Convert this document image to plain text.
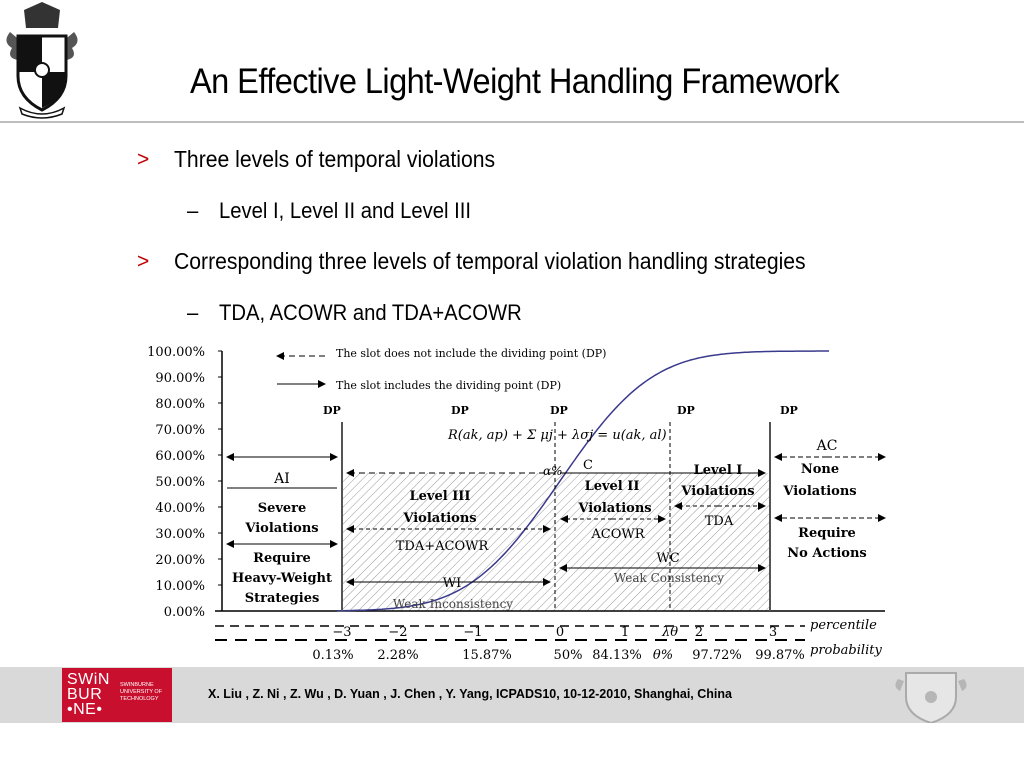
An Effective Light-Weight Handling Framework
> Three levels of temporal violations
– Level I, Level II and Level III
> Corresponding three levels of temporal violation handling strategies
– TDA, ACOWR and TDA+ACOWR
100.00%
90.00%
80.00%
70.00%
60.00%
50.00%
40.00%
30.00%
20.00%
10.00%
0.00%
percentile
probability
−3	−2	−1	0	1	λθ 2	3
0.13% 2.28%	15.87%	50% 84.13% θ% 97.72% 99.87%
DP	DP	DP	DP	DP
The slot does not include the dividing point (DP)
The slot includes the dividing point (DP)
R(ak, ap) + Σ μj + λσj = u(ak, al)
α%
AI
Severe
Violations
Require
Heavy-Weight
Strategies
Level III
Violations
TDA+ACOWR
WI
Weak Inconsistency
C
Level II
Violations
ACOWR
Level I
Violations
TDA
WC
Weak Consistency
AC
None
Violations
Require
No Actions
SWiN
BUR
•NE•
SWINBURNE UNIVERSITY OF TECHNOLOGY	X. Liu , Z. Ni , Z. Wu , D. Yuan , J. Chen , Y. Yang, ICPADS10, 10-12-2010, Shanghai, China
